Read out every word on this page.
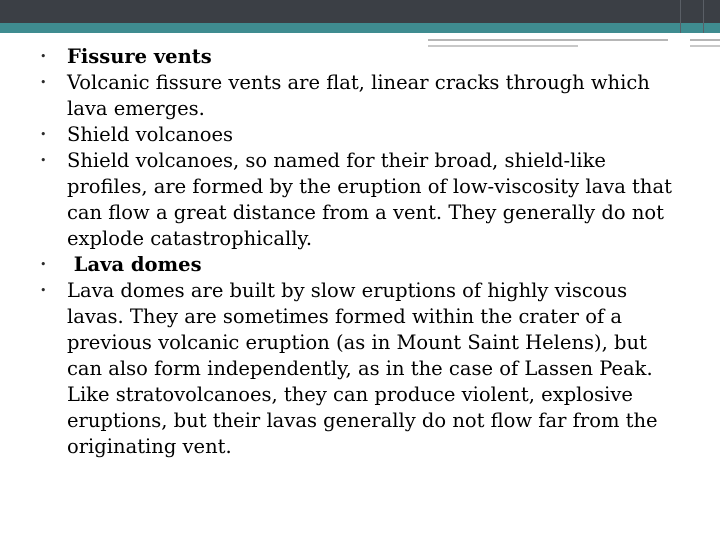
• Fissure vents
• Volcanic fissure vents are flat, linear cracks through which lava emerges.
• Shield volcanoes
• Shield volcanoes, so named for their broad, shield-like profiles, are formed by the eruption of low-viscosity lava that can flow a great distance from a vent. They generally do not explode catastrophically.
• Lava domes
• Lava domes are built by slow eruptions of highly viscous lavas. They are sometimes formed within the crater of a previous volcanic eruption (as in Mount Saint Helens), but can also form independently, as in the case of Lassen Peak. Like stratovolcanoes, they can produce violent, explosive eruptions, but their lavas generally do not flow far from the originating vent.
